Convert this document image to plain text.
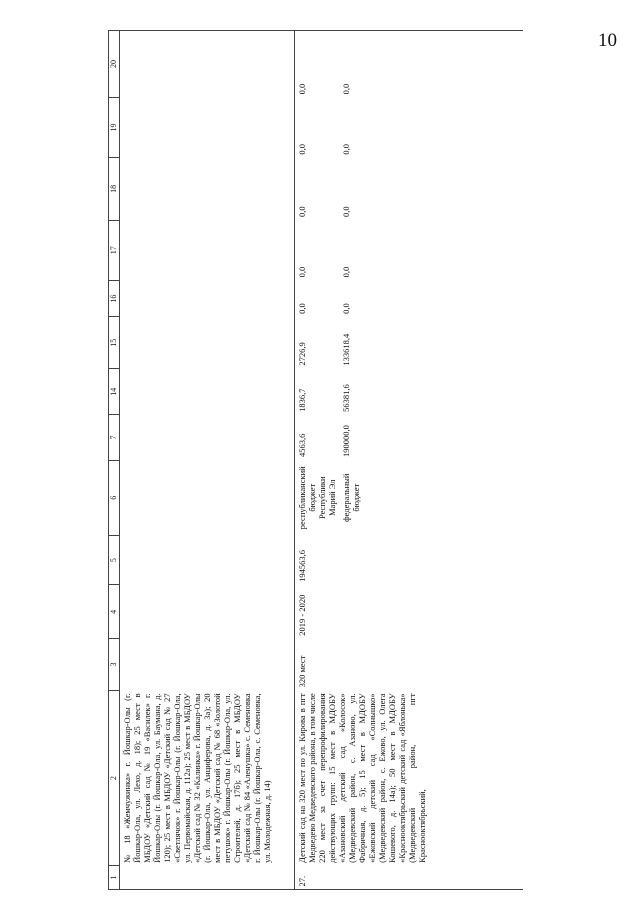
10
1	2	3	4	5	6	7	14	15	16	17	18	19	20
	№ 18 «Жемчужинка» г. Йошкар-Олы (г. Йошкар-Ола, ул. Лехо, д. 18); 25 мест в МБДОУ «Детский сад № 19 «Василек» г. Йошкар-Олы (г. Йошкар-Ола, ул. Баумана, д. 120); 25 мест в МБДОУ «Детский сад № 27 «Светлячок» г. Йошкар-Олы (г. Йошкар-Ола, ул. Первомайская, д. 112а); 25 мест в МБДОУ «Детский сад № 32 «Калинка» г. Йошкар-Олы (г. Йошкар-Ола, ул. Анциферова, д. 3а); 20 мест в МБДОУ «Детский сад № 68 «Золотой петушок» г. Йошкар-Олы (г. Йошкар-Ола, ул. Строителей, д. 17б); 25 мест в МБДОУ «Детский сад № 84 «Аленушка» с. Семеновка г. Йошкар-Олы (г. Йошкар-Ола, с. Семеновка, ул. Молодежная, д. 14)												
27.	Детский сад на 320 мест по ул. Кирова в пгт Медведево Медведевского района, в том числе 220 мест за счет перепрофилирования действующих групп: 15 мест в МДОБУ «Азановский детский сад «Колосок» (Медведевский район, с. Азаново, ул. Фабричная, д. 5); 15 мест в МДОБУ «Ежовский детский сад «Солнышко» (Медведевский район, с. Ежово, ул. Олега Кошевого, д. 14а); 50 мест в МДОБУ «Краснооктябрьский детский сад «Яблонька» (Медведевский район, пгт Краснооктябрьский,	320 мест	2019 - 2020	194563,6	республиканский бюджет Республики Марий Эл	4563,6	1836,7	2726,9	0,0	0,0	0,0	0,0	0,0
					федеральный бюджет	190000,0	56381,6	133618,4	0,0	0,0	0,0	0,0	0,0
